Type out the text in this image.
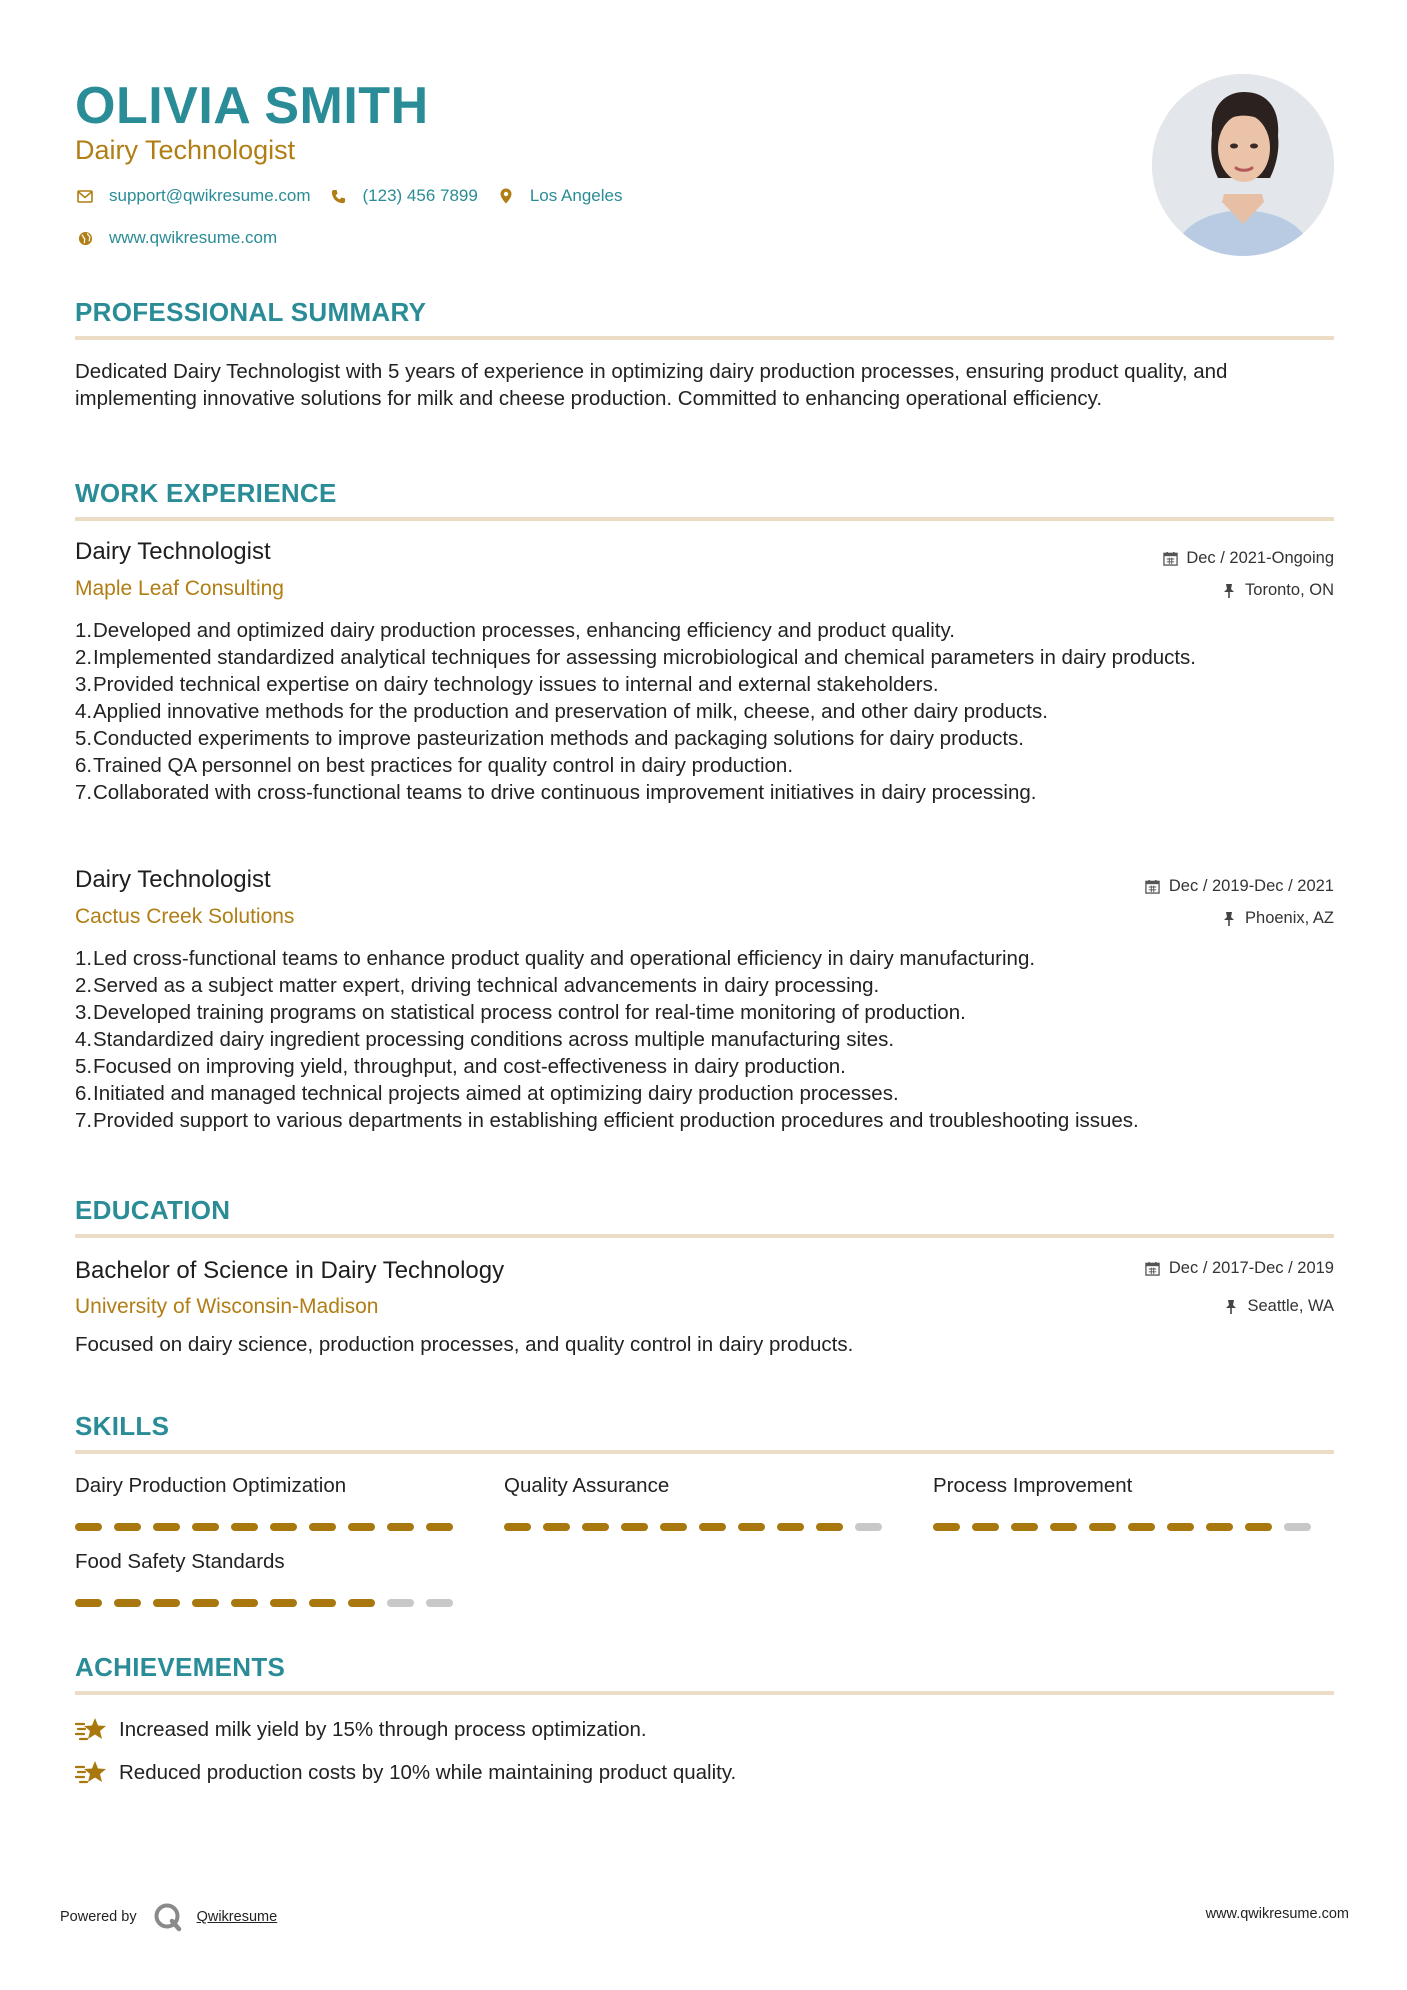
OLIVIA SMITH
Dairy Technologist
support@qwikresume.com	(123) 456 7899	Los Angeles
www.qwikresume.com
PROFESSIONAL SUMMARY
Dedicated Dairy Technologist with 5 years of experience in optimizing dairy production processes, ensuring product quality, and implementing innovative solutions for milk and cheese production. Committed to enhancing operational efficiency.
WORK EXPERIENCE
Dairy Technologist	Dec / 2021-Ongoing
Maple Leaf Consulting	Toronto, ON
1. Developed and optimized dairy production processes, enhancing efficiency and product quality.
2. Implemented standardized analytical techniques for assessing microbiological and chemical parameters in dairy products.
3. Provided technical expertise on dairy technology issues to internal and external stakeholders.
4. Applied innovative methods for the production and preservation of milk, cheese, and other dairy products.
5. Conducted experiments to improve pasteurization methods and packaging solutions for dairy products.
6. Trained QA personnel on best practices for quality control in dairy production.
7. Collaborated with cross-functional teams to drive continuous improvement initiatives in dairy processing.
Dairy Technologist	Dec / 2019-Dec / 2021
Cactus Creek Solutions	Phoenix, AZ
1. Led cross-functional teams to enhance product quality and operational efficiency in dairy manufacturing.
2. Served as a subject matter expert, driving technical advancements in dairy processing.
3. Developed training programs on statistical process control for real-time monitoring of production.
4. Standardized dairy ingredient processing conditions across multiple manufacturing sites.
5. Focused on improving yield, throughput, and cost-effectiveness in dairy production.
6. Initiated and managed technical projects aimed at optimizing dairy production processes.
7. Provided support to various departments in establishing efficient production procedures and troubleshooting issues.
EDUCATION
Bachelor of Science in Dairy Technology	Dec / 2017-Dec / 2019
University of Wisconsin-Madison	Seattle, WA
Focused on dairy science, production processes, and quality control in dairy products.
SKILLS
Dairy Production Optimization	Quality Assurance	Process Improvement
Food Safety Standards
ACHIEVEMENTS
Increased milk yield by 15% through process optimization.
Reduced production costs by 10% while maintaining product quality.
Powered by	Qwikresume	www.qwikresume.com
